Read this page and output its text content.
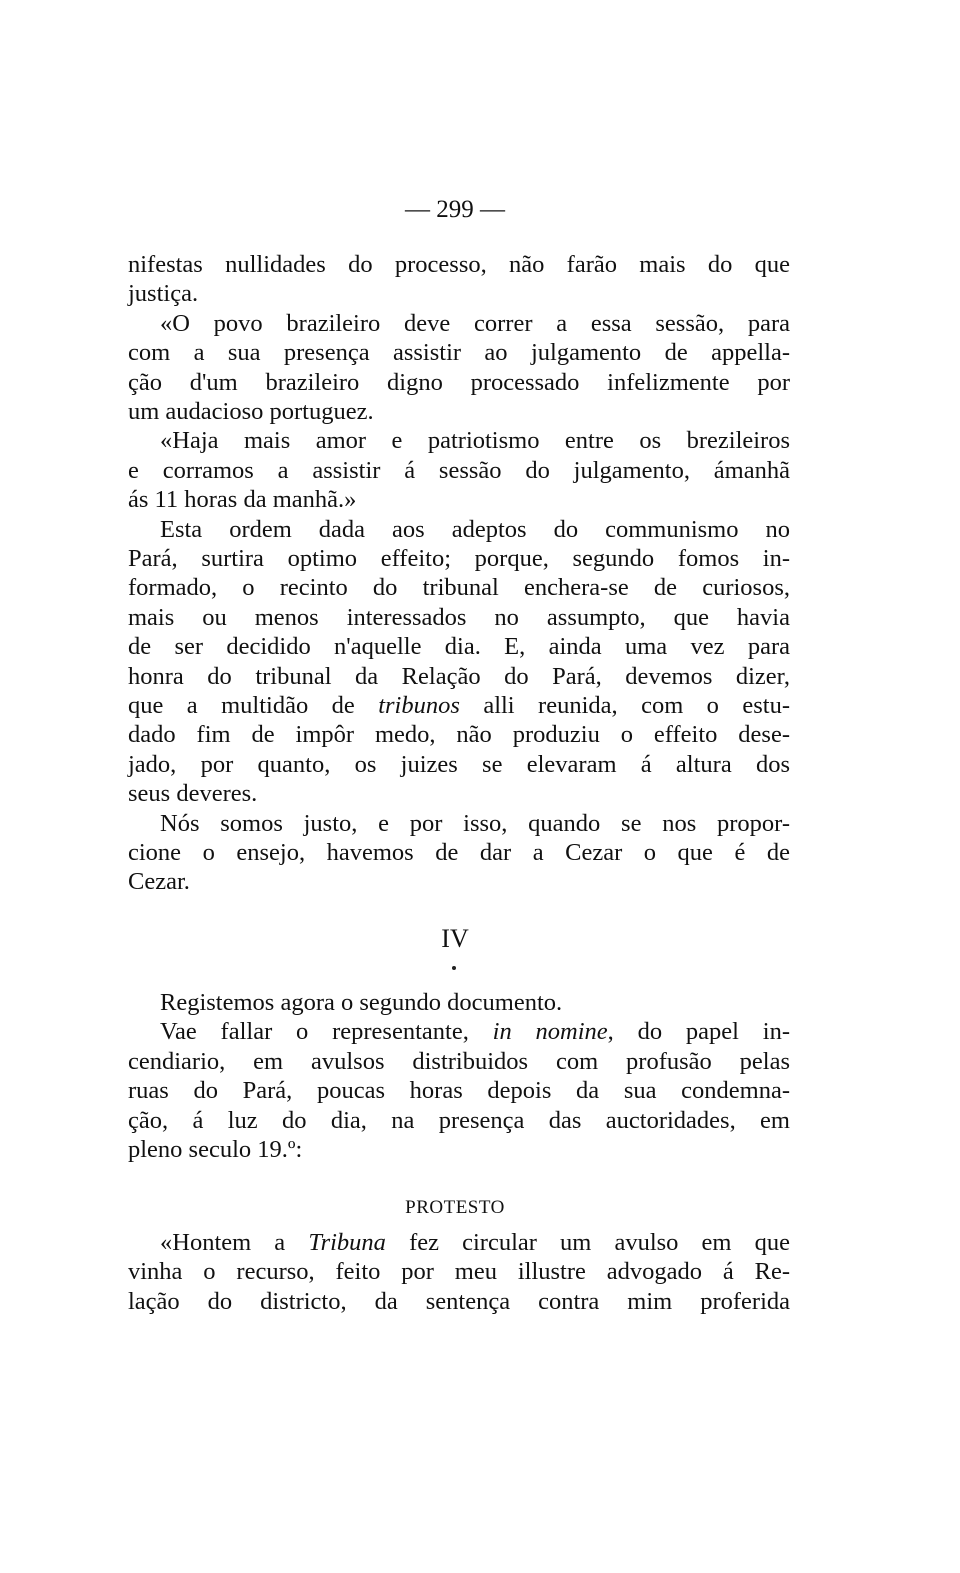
— 299 —
nifestas nullidades do processo, não farão mais do que
justiça.
«O povo brazileiro deve correr a essa sessão, para
com a sua presença assistir ao julgamento de appella-
ção d'um brazileiro digno processado infelizmente por
um audacioso portuguez.
«Haja mais amor e patriotismo entre os brezileiros
e corramos a assistir á sessão do julgamento, ámanhã
ás 11 horas da manhã.»
Esta ordem dada aos adeptos do communismo no
Pará, surtira optimo effeito; porque, segundo fomos in-
formado, o recinto do tribunal enchera-se de curiosos,
mais ou menos interessados no assumpto, que havia
de ser decidido n'aquelle dia. E, ainda uma vez para
honra do tribunal da Relação do Pará, devemos dizer,
que a multidão de tribunos alli reunida, com o estu-
dado fim de impôr medo, não produziu o effeito dese-
jado, por quanto, os juizes se elevaram á altura dos
seus deveres.
Nós somos justo, e por isso, quando se nos propor-
cione o ensejo, havemos de dar a Cezar o que é de
Cezar.
IV
Registemos agora o segundo documento.
Vae fallar o representante, in nomine, do papel in-
cendiario, em avulsos distribuidos com profusão pelas
ruas do Pará, poucas horas depois da sua condemna-
ção, á luz do dia, na presença das auctoridades, em
pleno seculo 19.º:
PROTESTO
«Hontem a Tribuna fez circular um avulso em que
vinha o recurso, feito por meu illustre advogado á Re-
lação do districto, da sentença contra mim proferida
